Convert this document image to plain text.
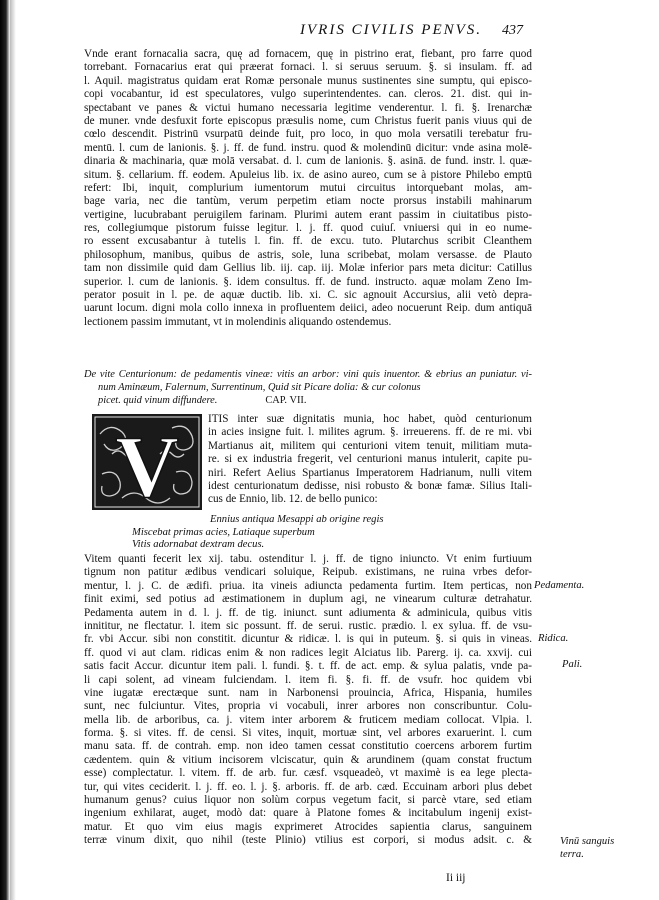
IVRIS CIVILIS PENVS.	437
Vnde erant fornacalia sacra, quę ad fornacem, quę in pistrino erat, fiebant, pro farre quod
torrebant. Fornacarius erat qui præerat fornaci. l. si seruus seruum. §. si insulam. ff. ad
l. Aquil. magistratus quidam erat Romæ personale munus sustinentes sine sumptu, qui episco-
copi vocabantur, id est speculatores, vulgo superintendentes. can. cleros. 21. dist. qui in-
spectabant ve panes & victui humano necessaria legitime venderentur. l. fi. §. Irenarchæ
de muner. vnde desfuxit forte episcopus præsulis nome, cum Christus fuerit panis viuus qui de
cœlo descendit. Pistrinū vsurpatū deinde fuit, pro loco, in quo mola versatili terebatur fru-
mentū. l. cum de lanionis. §. j. ff. de fund. instru. quod & molendinū dicitur: vnde asina molē-
dinaria & machinaria, quæ molā versabat. d. l. cum de lanionis. §. asinā. de fund. instr. l. quæ-
situm. §. cellarium. ff. eodem. Apuleius lib. ix. de asino aureo, cum se à pistore Philebo emptū
refert: Ibi, inquit, complurium iumentorum mutui circuitus intorquebant molas, am-
bage varia, nec die tantùm, verum perpetim etiam nocte prorsus instabili mahinarum
vertigine, lucubrabant peruigilem farinam. Plurimi autem erant passim in ciuitatibus pisto-
res, collegiumque pistorum fuisse legitur. l. j. ff. quod cuiuſ. vniuersi qui in eo nume-
ro essent excusabantur à tutelis l. fin. ff. de excu. tuto. Plutarchus scribit Cleanthem
philosophum, manibus, quibus de astris, sole, luna scribebat, molam versasse. de Plauto
tam non dissimile quid dam Gellius lib. iij. cap. iij. Molæ inferior pars meta dicitur: Catillus
superior. l. cum de lanionis. §. idem consultus. ff. de fund. instructo. aquæ molam Zeno Im-
perator posuit in l. pe. de aquæ ductib. lib. xi. C. sic agnouit Accursius, alii vetò depra-
uarunt locum. digni mola collo innexa in profluentem deiici, adeo nocuerunt Reip. dum antiquā
lectionem passim immutant, vt in molendinis aliquando ostendemus.
De vite Centurionum: de pedamentis vineæ: vitis an arbor: vini quis inuentor. & ebrius an puniatur. vi-
num Aminæum, Falernum, Surrentinum, Quid sit Picare dolia: & cur colonus
picet. quid vinum diffundere.	CAP. VII.
V	ITIS inter suæ dignitatis munia, hoc habet, quòd centurionum
in acies insigne fuit. l. milites agrum. §. irreuerens. ff. de re mi. vbi
Martianus ait, militem qui centurioni vitem tenuit, militiam muta-
re. si ex industria fregerit, vel centurioni manus intulerit, capite pu-
niri. Refert Aelius Spartianus Imperatorem Hadrianum, nulli vitem
idest centurionatum dedisse, nisi robusto & bonæ famæ. Silius Itali-
cus de Ennio, lib. 12. de bello punico:
Ennius antiqua Mesappi ab origine regis
Miscebat primas acies, Latiaque superbum
Vitis adornabat dextram decus.
Vitem quanti fecerit lex xij. tabu. ostenditur l. j. ff. de tigno iniuncto. Vt enim furtiuum
tignum non patitur ædibus vendicari soluique, Reipub. existimans, ne ruina vrbes defor-
mentur, l. j. C. de ædifi. priua. ita vineis adiuncta pedamenta furtim. Item perticas, non
finit eximi, sed potius ad æstimationem in duplum agi, ne vinearum culturæ detrahatur.
Pedamenta autem in d. l. j. ff. de tig. iniunct. sunt adiumenta & adminicula, quibus vitis
innititur, ne flectatur. l. item sic possunt. ff. de serui. rustic. prædio. l. ex sylua. ff. de vsu-
fr. vbi Accur. sibi non constitit. dicuntur & ridicæ. l. is qui in puteum. §. si quis in vineas.
ff. quod vi aut clam. ridicas enim & non radices legit Alciatus lib. Parerg. ij. ca. xxvij. cui
satis facit Accur. dicuntur item pali. l. fundi. §. t. ff. de act. emp. & sylua palatis, vnde pa-
li capi solent, ad vineam fulciendam. l. item fi. §. fi. ff. de vsufr. hoc quidem vbi
vine iugatæ erectæque sunt. nam in Narbonensi prouincia, Africa, Hispania, humiles
sunt, nec fulciuntur. Vites, propria vi vocabuli, inrer arbores non conscribuntur. Colu-
mella lib. de arboribus, ca. j. vitem inter arborem & fruticem mediam collocat. Vlpia. l.
forma. §. si vites. ff. de censi. Si vites, inquit, mortuæ sint, vel arbores exaruerint. l. cum
manu sata. ff. de contrah. emp. non ideo tamen cessat constitutio coercens arborem furtim
cædentem. quin & vitium incisorem vlciscatur, quin & arundinem (quam constat fructum
esse) complectatur. l. vitem. ff. de arb. fur. cæsf. vsqueadeò, vt maximè is ea lege plecta-
tur, qui vites ceciderit. l. j. ff. eo. l. j. §. arboris. ff. de arb. cæd. Eccuinam arbori plus debet
humanum genus? cuius liquor non solùm corpus vegetum facit, si parcè vtare, sed etiam
ingenium exhilarat, auget, modò dat: quare à Platone fomes & incitabulum ingenij exist-
matur. Et quo vim eius magis exprimeret Atrocides sapientia clarus, sanguinem
terræ vinum dixit, quo nihil (teste Plinio) vtilius est corpori, si modus adsit. c. &
Pedamenta.
Ridica.
Pali.
Vinū sanguis
terra.
Ii iij
